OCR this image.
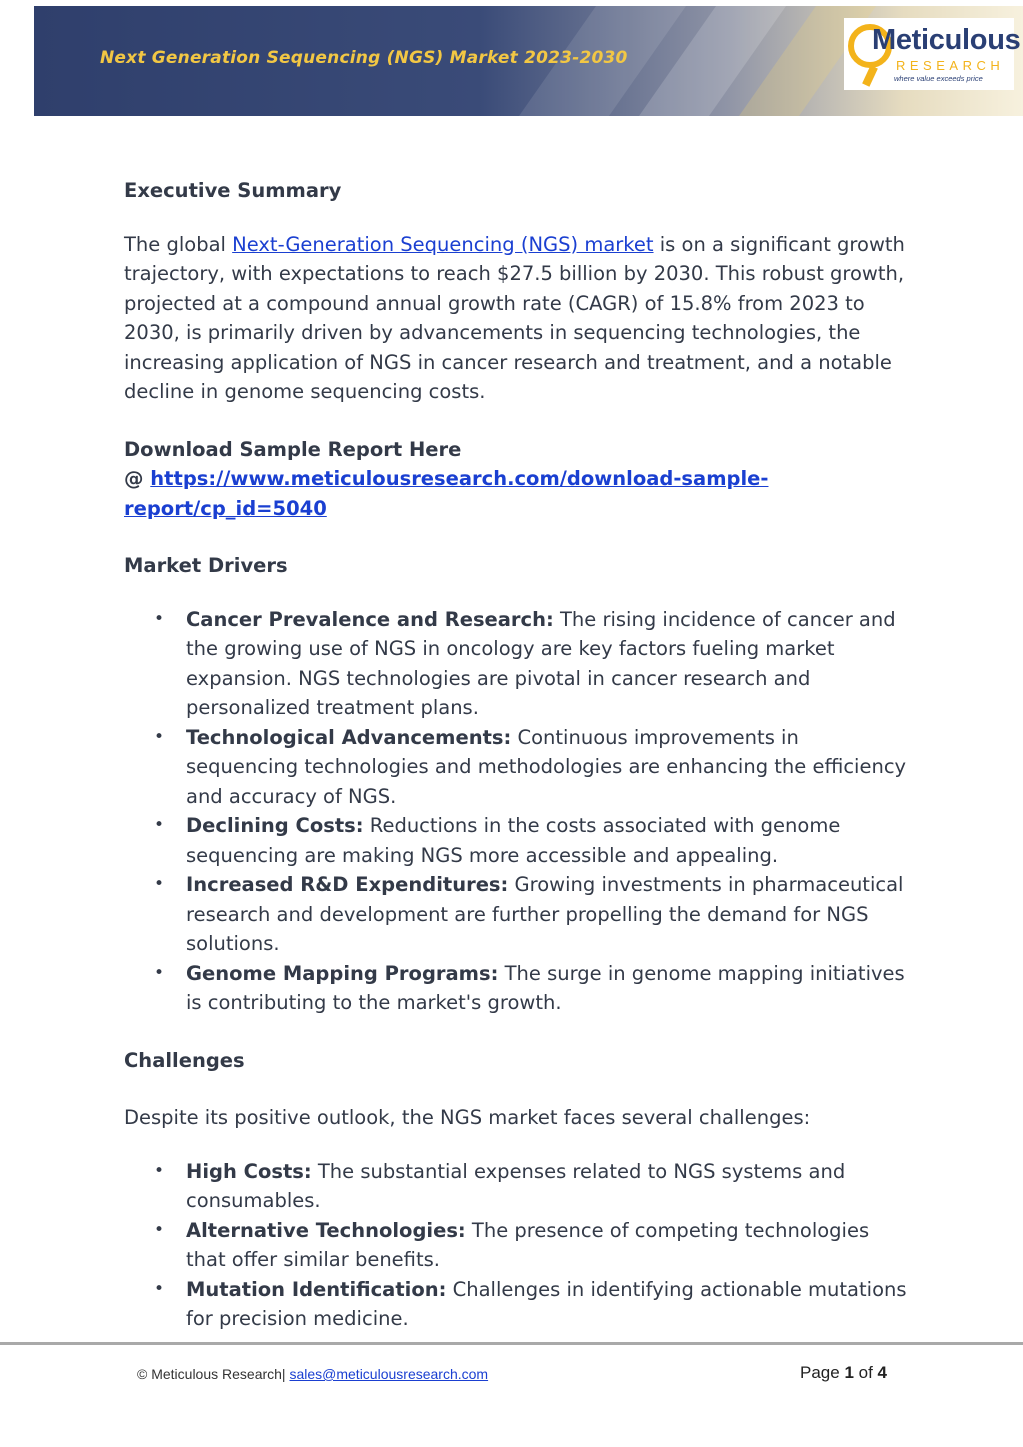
Next Generation Sequencing (NGS) Market 2023-2030
Meticulous
RESEARCH
where value exceeds price
Executive Summary

The global Next-Generation Sequencing (NGS) market is on a significant growth trajectory, with expectations to reach $27.5 billion by 2030. This robust growth, projected at a compound annual growth rate (CAGR) of 15.8% from 2023 to 2030, is primarily driven by advancements in sequencing technologies, the increasing application of NGS in cancer research and treatment, and a notable decline in genome sequencing costs.

Download Sample Report Here

@ https://www.meticulousresearch.com/download-sample-report/cp_id=5040

Market Drivers
• Cancer Prevalence and Research: The rising incidence of cancer and the growing use of NGS in oncology are key factors fueling market expansion. NGS technologies are pivotal in cancer research and personalized treatment plans.
• Technological Advancements: Continuous improvements in sequencing technologies and methodologies are enhancing the efficiency and accuracy of NGS.
• Declining Costs: Reductions in the costs associated with genome sequencing are making NGS more accessible and appealing.
• Increased R&D Expenditures: Growing investments in pharmaceutical research and development are further propelling the demand for NGS solutions.
• Genome Mapping Programs: The surge in genome mapping initiatives is contributing to the market's growth.
Challenges

Despite its positive outlook, the NGS market faces several challenges:

• High Costs: The substantial expenses related to NGS systems and consumables.
• Alternative Technologies: The presence of competing technologies that offer similar benefits.
• Mutation Identification: Challenges in identifying actionable mutations for precision medicine.
© Meticulous Research| sales@meticulousresearch.com	Page 1 of 4
